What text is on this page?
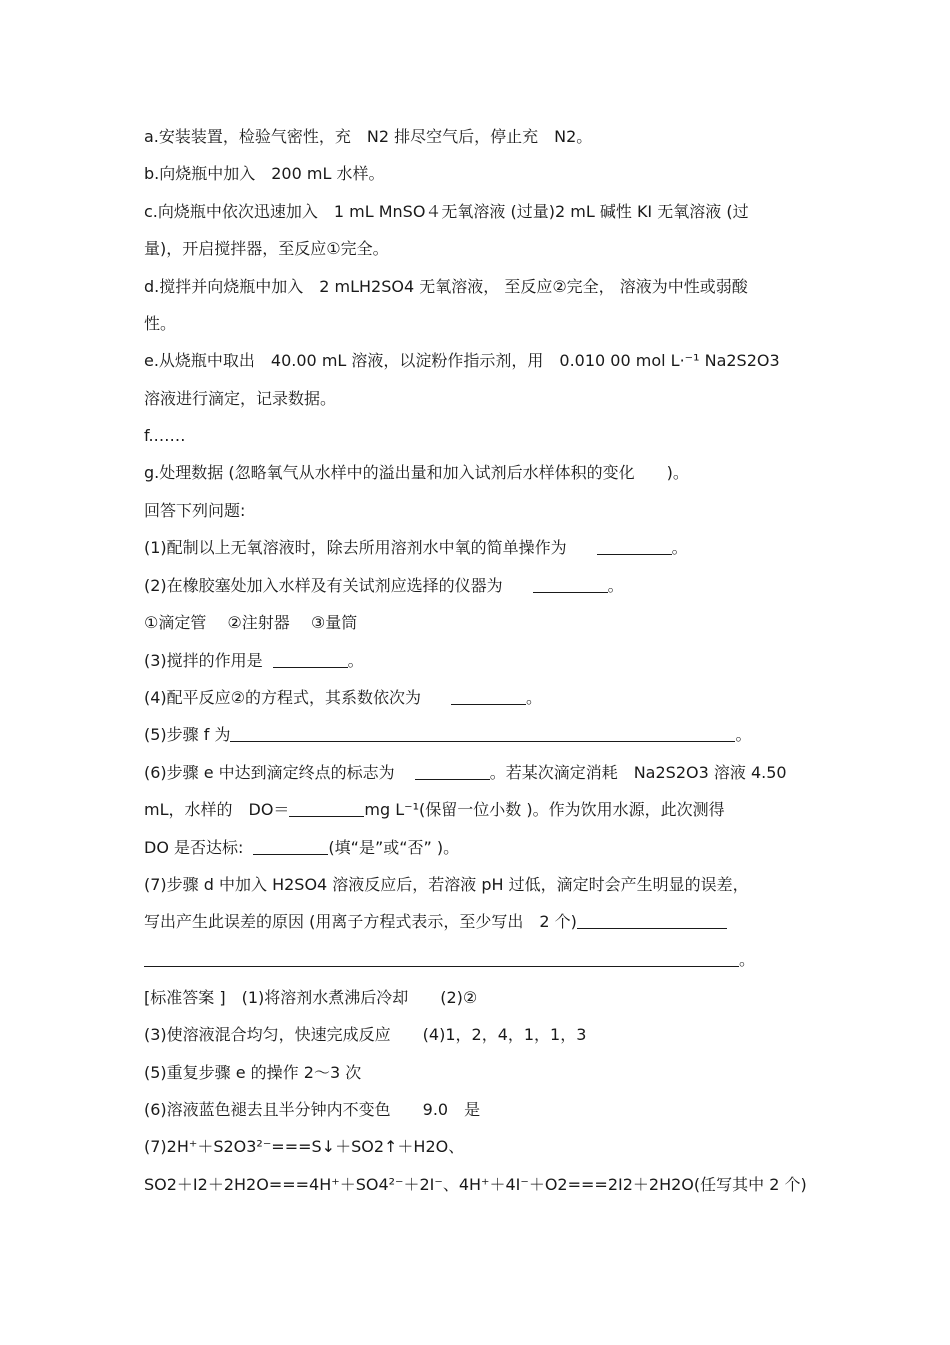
a.安装装置，检验气密性，充　N2 排尽空气后，停止充　N2。
b.向烧瓶中加入　200 mL 水样。
c.向烧瓶中依次迅速加入　1 mL MnSO４无氧溶液 (过量)2 mL 碱性 KI 无氧溶液 (过
量)，开启搅拌器，至反应①完全。
d.搅拌并向烧瓶中加入　2 mLH2SO4 无氧溶液， 至反应②完全， 溶液为中性或弱酸
性。
e.从烧瓶中取出　40.00 mL 溶液，以淀粉作指示剂，用　0.010 00 mol L·⁻¹ Na2S2O3
溶液进行滴定，记录数据。
f.……
g.处理数据 (忽略氧气从水样中的溢出量和加入试剂后水样体积的变化　　)。
回答下列问题:
(1)配制以上无氧溶液时，除去所用溶剂水中氧的简单操作为	。
(2)在橡胶塞处加入水样及有关试剂应选择的仪器为	。
①滴定管　 ②注射器　 ③量筒
(3)搅拌的作用是	。
(4)配平反应②的方程式，其系数依次为	。
(5)步骤 f 为	。
(6)步骤 e 中达到滴定终点的标志为	。若某次滴定消耗　Na2S2O3 溶液 4.50
mL，水样的　DO＝	mg L⁻¹(保留一位小数 )。作为饮用水源，此次测得
DO 是否达标:	(填“是”或“否” )。
(7)步骤 d 中加入 H2SO4 溶液反应后，若溶液 pH 过低，滴定时会产生明显的误差，
写出产生此误差的原因 (用离子方程式表示，至少写出　2 个)
。
[标准答案 ]　(1)将溶剂水煮沸后冷却　　(2)②
(3)使溶液混合均匀，快速完成反应　　(4)1，2，4，1，1，3
(5)重复步骤 e 的操作 2～3 次
(6)溶液蓝色褪去且半分钟内不变色　　9.0　是
(7)2H⁺＋S2O3²⁻===S↓＋SO2↑＋H2O、
SO2＋I2＋2H2O===4H⁺＋SO4²⁻＋2I⁻、4H⁺＋4I⁻＋O2===2I2＋2H2O(任写其中 2 个)
